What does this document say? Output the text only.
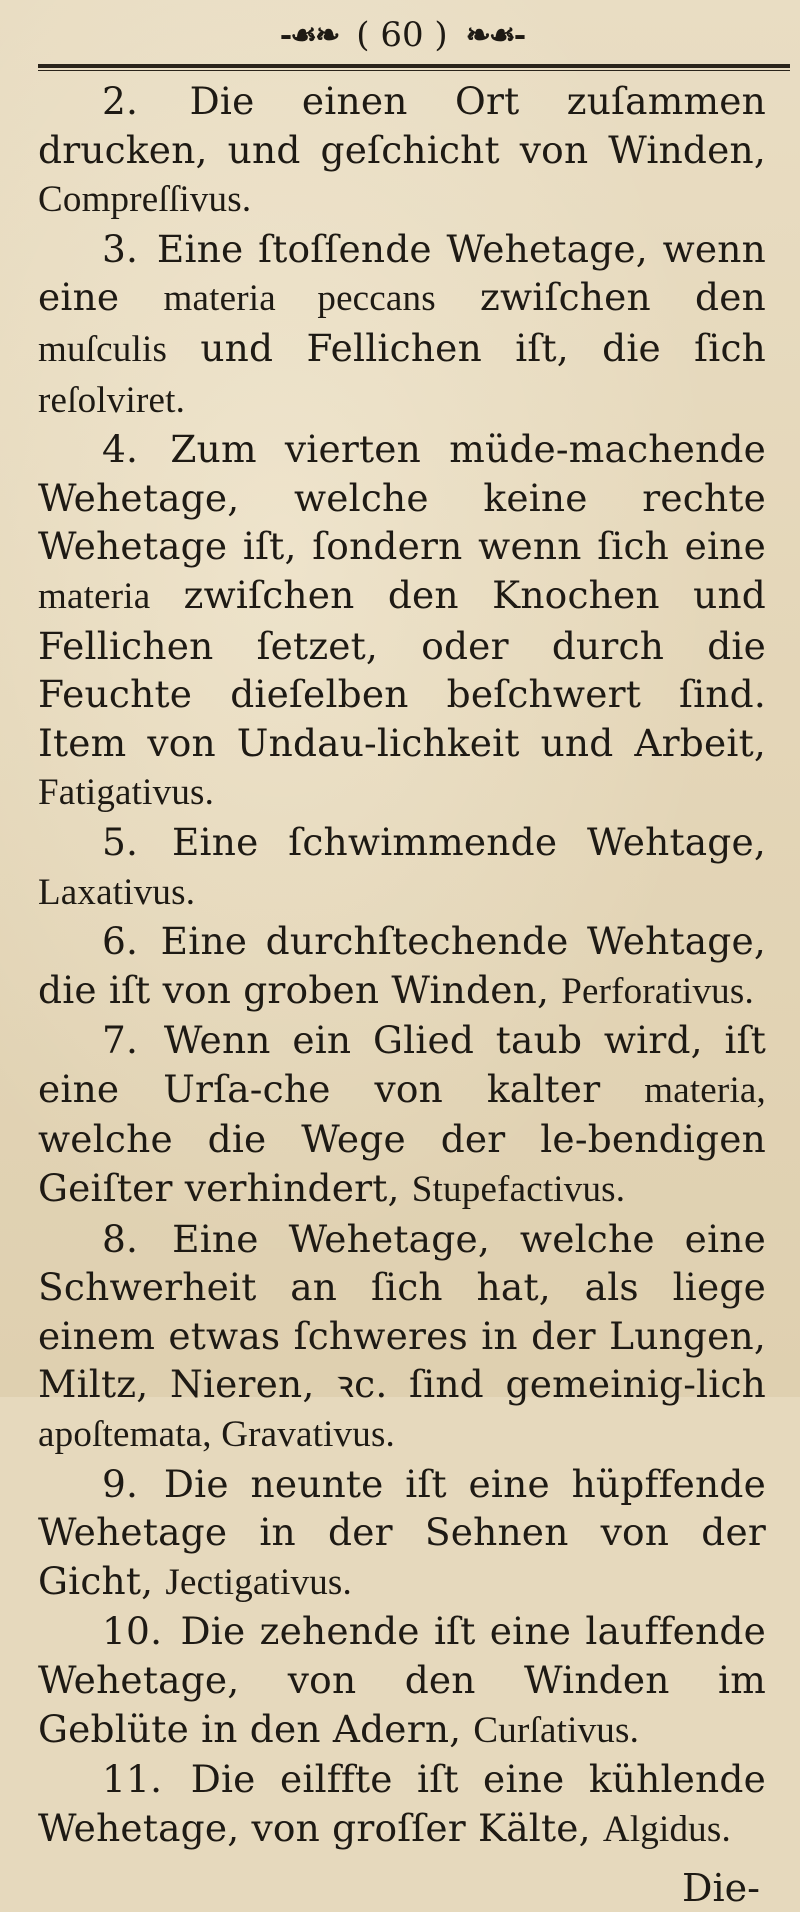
-☙❧ ( 60 ) ❧☙-

2. Die einen Ort zuſammen drucken, und geſchicht von Winden, Compreſſivus.

3. Eine ſtoſſende Wehetage, wenn eine materia peccans zwiſchen den muſculis und Fellichen iſt, die ſich reſolviret.

4. Zum vierten müde-machende Wehetage, welche keine rechte Wehetage iſt, ſondern wenn ſich eine materia zwiſchen den Knochen und Fellichen ſetzet, oder durch die Feuchte dieſelben beſchwert ſind. Item von Undau-lichkeit und Arbeit, Fatigativus.

5. Eine ſchwimmende Wehtage, Laxativus.

6. Eine durchſtechende Wehtage, die iſt von groben Winden, Perforativus.

7. Wenn ein Glied taub wird, iſt eine Urſa-che von kalter materia, welche die Wege der le-bendigen Geiſter verhindert, Stupefactivus.

8. Eine Wehetage, welche eine Schwerheit an ſich hat, als liege einem etwas ſchweres in der Lungen, Miltz, Nieren, ꝛc. ſind gemeinig-lich apoſtemata, Gravativus.

9. Die neunte iſt eine hüpffende Wehetage in der Sehnen von der Gicht, Jectigativus.

10. Die zehende iſt eine lauffende Wehetage, von den Winden im Geblüte in den Adern, Curſativus.

11. Die eilffte iſt eine kühlende Wehetage, von groſſer Kälte, Algidus.

Die-
